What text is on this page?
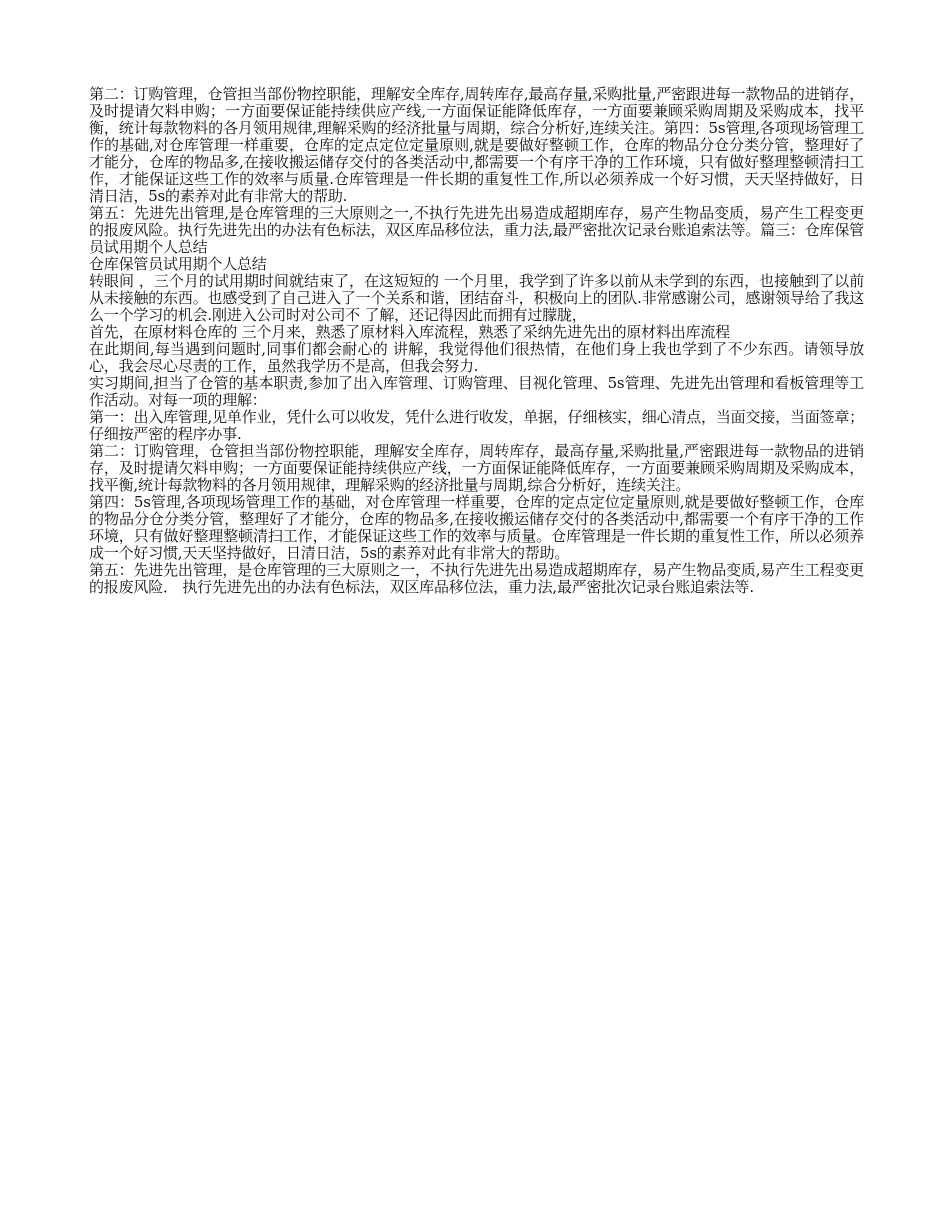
第二：订购管理，仓管担当部份物控职能，理解安全库存,周转库存,最高存量,采购批量,严密跟进每一款物品的进销存，及时提请欠料申购；一方面要保证能持续供应产线,一方面保证能降低库存，一方面要兼顾采购周期及采购成本，找平衡，统计每款物料的各月领用规律,理解采购的经济批量与周期，综合分析好,连续关注。第四：5s管理,各项现场管理工作的基础,对仓库管理一样重要，仓库的定点定位定量原则,就是要做好整顿工作，仓库的物品分仓分类分管，整理好了才能分，仓库的物品多,在接收搬运储存交付的各类活动中,都需要一个有序干净的工作环境，只有做好整理整顿清扫工作，才能保证这些工作的效率与质量.仓库管理是一件长期的重复性工作,所以必须养成一个好习惯，天天坚持做好，日清日洁，5s的素养对此有非常大的帮助.

第五：先进先出管理,是仓库管理的三大原则之一,不执行先进先出易造成超期库存，易产生物品变质，易产生工程变更的报废风险。执行先进先出的办法有色标法，双区库品移位法，重力法,最严密批次记录台账追索法等。篇三：仓库保管员试用期个人总结

仓库保管员试用期个人总结

转眼间 ，三个月的试用期时间就结束了，在这短短的 一个月里，我学到了许多以前从未学到的东西，也接触到了以前从未接触的东西。也感受到了自己进入了一个关系和谐，团结奋斗，积极向上的团队.非常感谢公司，感谢领导给了我这么一个学习的机会.刚进入公司时对公司不 了解，还记得因此而拥有过朦胧，

首先，在原材料仓库的 三个月来，熟悉了原材料入库流程，熟悉了采纳先进先出的原材料出库流程

在此期间,每当遇到问题时,同事们都会耐心的 讲解，我觉得他们很热情，在他们身上我也学到了不少东西。请领导放心，我会尽心尽责的工作，虽然我学历不是高，但我会努力.

实习期间,担当了仓管的基本职责,参加了出入库管理、订购管理、目视化管理、5s管理、先进先出管理和看板管理等工作活动。对每一项的理解：

第一：出入库管理,见单作业，凭什么可以收发，凭什么进行收发，单据，仔细核实，细心清点，当面交接，当面签章； 仔细按严密的程序办事.

第二：订购管理，仓管担当部份物控职能，理解安全库存，周转库存，最高存量,采购批量,严密跟进每一款物品的进销存，及时提请欠料申购；一方面要保证能持续供应产线，一方面保证能降低库存，一方面要兼顾采购周期及采购成本，找平衡,统计每款物料的各月领用规律，理解采购的经济批量与周期,综合分析好，连续关注。

第四：5s管理,各项现场管理工作的基础，对仓库管理一样重要，仓库的定点定位定量原则,就是要做好整顿工作，仓库的物品分仓分类分管，整理好了才能分，仓库的物品多,在接收搬运储存交付的各类活动中,都需要一个有序干净的工作环境，只有做好整理整顿清扫工作，才能保证这些工作的效率与质量。仓库管理是一件长期的重复性工作，所以必须养成一个好习惯,天天坚持做好，日清日洁，5s的素养对此有非常大的帮助。

第五：先进先出管理，是仓库管理的三大原则之一，不执行先进先出易造成超期库存，易产生物品变质,易产生工程变更的报废风险． 执行先进先出的办法有色标法，双区库品移位法，重力法,最严密批次记录台账追索法等.
